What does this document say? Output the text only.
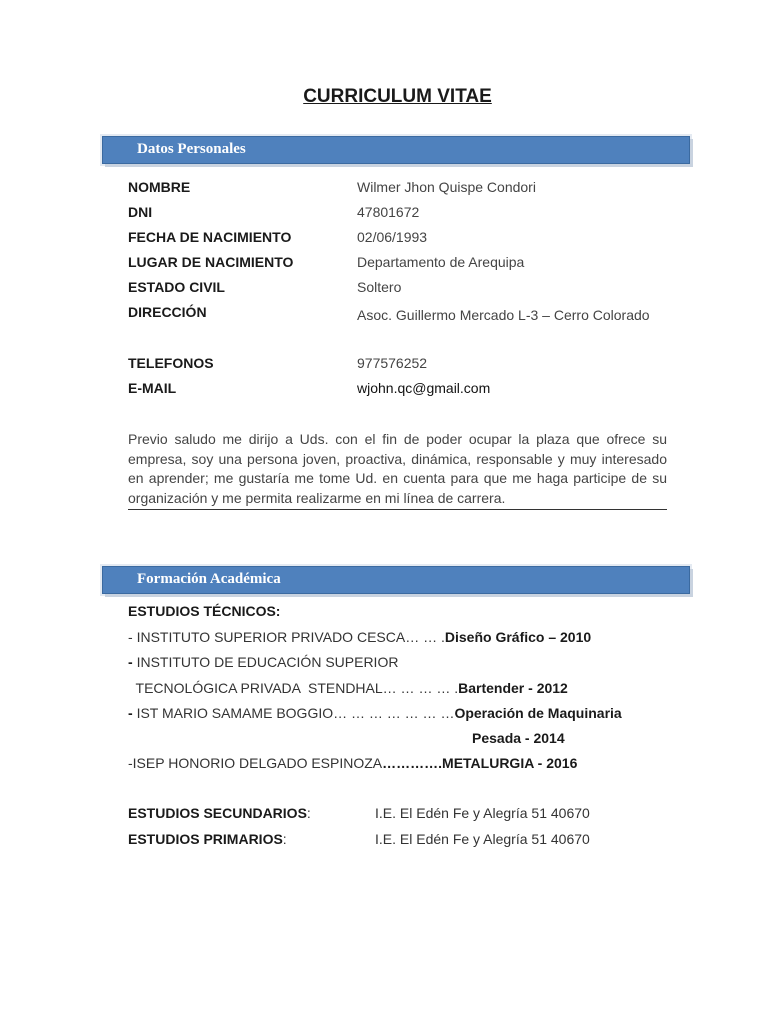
CURRICULUM VITAE
Datos Personales
NOMBRE	Wilmer Jhon Quispe Condori
DNI	47801672
FECHA DE NACIMIENTO	02/06/1993
LUGAR DE NACIMIENTO	Departamento de Arequipa
ESTADO CIVIL	Soltero
DIRECCIÓN	Asoc. Guillermo Mercado L-3 – Cerro Colorado
TELEFONOS	977576252
E-MAIL	wjohn.qc@gmail.com
Previo saludo me dirijo a Uds. con el fin de poder ocupar la plaza que ofrece su empresa, soy una persona joven, proactiva, dinámica, responsable y muy interesado en aprender; me gustaría me tome Ud. en cuenta para que me haga participe de su organización y me permita realizarme en mi línea de carrera.
Formación Académica
ESTUDIOS TÉCNICOS:
- INSTITUTO SUPERIOR PRIVADO CESCA… … .Diseño Gráfico – 2010
- INSTITUTO DE EDUCACIÓN SUPERIOR
TECNOLÓGICA PRIVADA  STENDHAL… … … … .Bartender - 2012
- IST MARIO SAMAME BOGGIO… … … … … … …Operación de Maquinaria
Pesada - 2014
-ISEP HONORIO DELGADO ESPINOZA………….METALURGIA - 2016
ESTUDIOS SECUNDARIOS:	I.E. El Edén Fe y Alegría 51 40670
ESTUDIOS PRIMARIOS:	I.E. El Edén Fe y Alegría 51 40670
